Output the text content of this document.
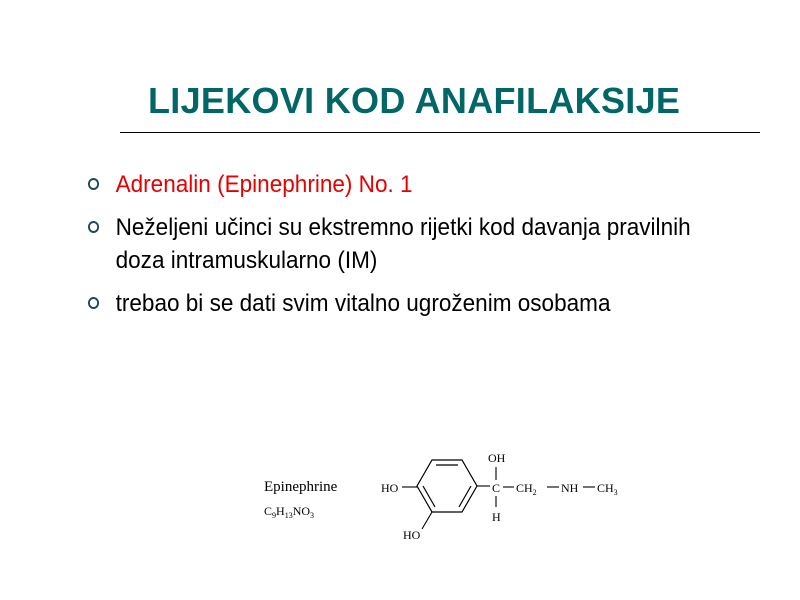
LIJEKOVI KOD ANAFILAKSIJE
Adrenalin (Epinephrine) No. 1
Neželjeni učinci su ekstremno rijetki kod davanja pravilnih doza intramuskularno (IM)
trebao bi se dati svim vitalno ugroženim osobama
Epinephrine
$C_9H_{13}NO_3$
HO
HO
OH
C
H
$CH_2$ NH $CH_3$
